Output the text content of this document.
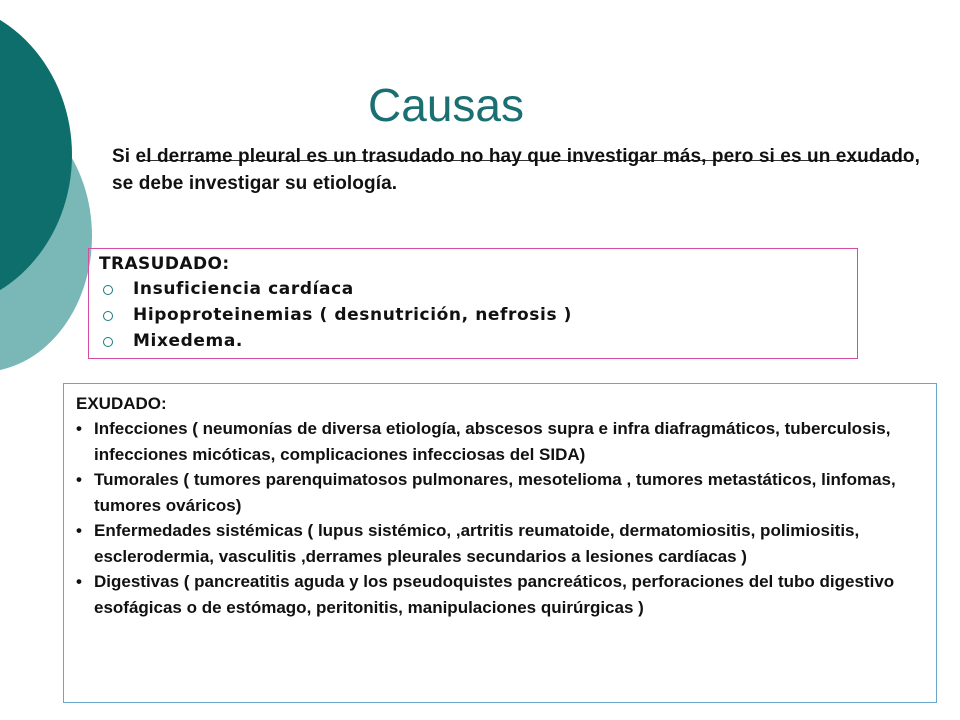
Causas
Si el derrame pleural es un trasudado no hay que investigar más, pero si es un exudado, se debe investigar su etiología.
TRASUDADO:
Insuficiencia cardíaca
Hipoproteinemias ( desnutrición, nefrosis )
Mixedema.
EXUDADO:
• Infecciones ( neumonías de diversa etiología, abscesos supra e infra diafragmáticos, tuberculosis, infecciones micóticas, complicaciones infecciosas del SIDA)
• Tumorales ( tumores parenquimatosos pulmonares, mesotelioma , tumores metastáticos, linfomas, tumores ováricos)
• Enfermedades sistémicas ( lupus sistémico, ,artritis reumatoide, dermatomiositis, polimiositis, esclerodermia, vasculitis ,derrames pleurales secundarios a lesiones cardíacas )
• Digestivas ( pancreatitis aguda y los pseudoquistes pancreáticos, perforaciones del tubo digestivo esofágicas o de estómago, peritonitis, manipulaciones quirúrgicas )
